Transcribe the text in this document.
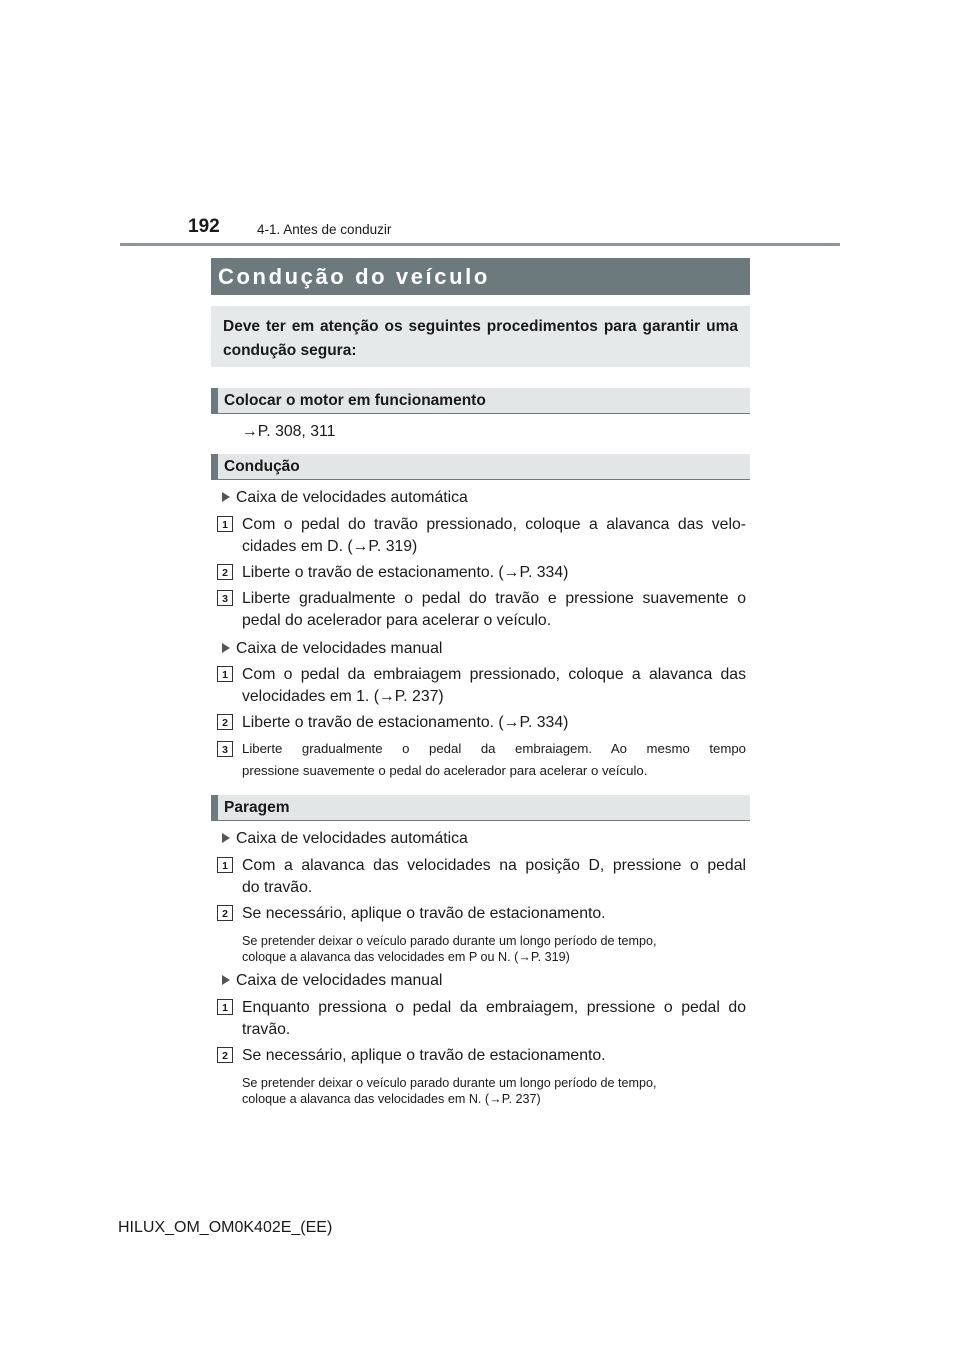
192	4-1. Antes de conduzir
Condução do veículo
Deve ter em atenção os seguintes procedimentos para garantir uma condução segura:
Colocar o motor em funcionamento
→P. 308, 311
Condução
Caixa de velocidades automática
1 Com o pedal do travão pressionado, coloque a alavanca das velo-
cidades em D. (→P. 319)
2 Liberte o travão de estacionamento. (→P. 334)
3 Liberte gradualmente o pedal do travão e pressione suavemente o
pedal do acelerador para acelerar o veículo.
Caixa de velocidades manual
1 Com o pedal da embraiagem pressionado, coloque a alavanca das
velocidades em 1. (→P. 237)
2 Liberte o travão de estacionamento. (→P. 334)
3	Liberte gradualmente o pedal da embraiagem. Ao mesmo tempo
pressione suavemente o pedal do acelerador para acelerar o veículo.
Paragem
Caixa de velocidades automática
1 Com a alavanca das velocidades na posição D, pressione o pedal
do travão.
2 Se necessário, aplique o travão de estacionamento.
Se pretender deixar o veículo parado durante um longo período de tempo,
coloque a alavanca das velocidades em P ou N. (→P. 319)
Caixa de velocidades manual
1 Enquanto pressiona o pedal da embraiagem, pressione o pedal do
travão.
2 Se necessário, aplique o travão de estacionamento.
Se pretender deixar o veículo parado durante um longo período de tempo,
coloque a alavanca das velocidades em N. (→P. 237)
HILUX_OM_OM0K402E_(EE)
